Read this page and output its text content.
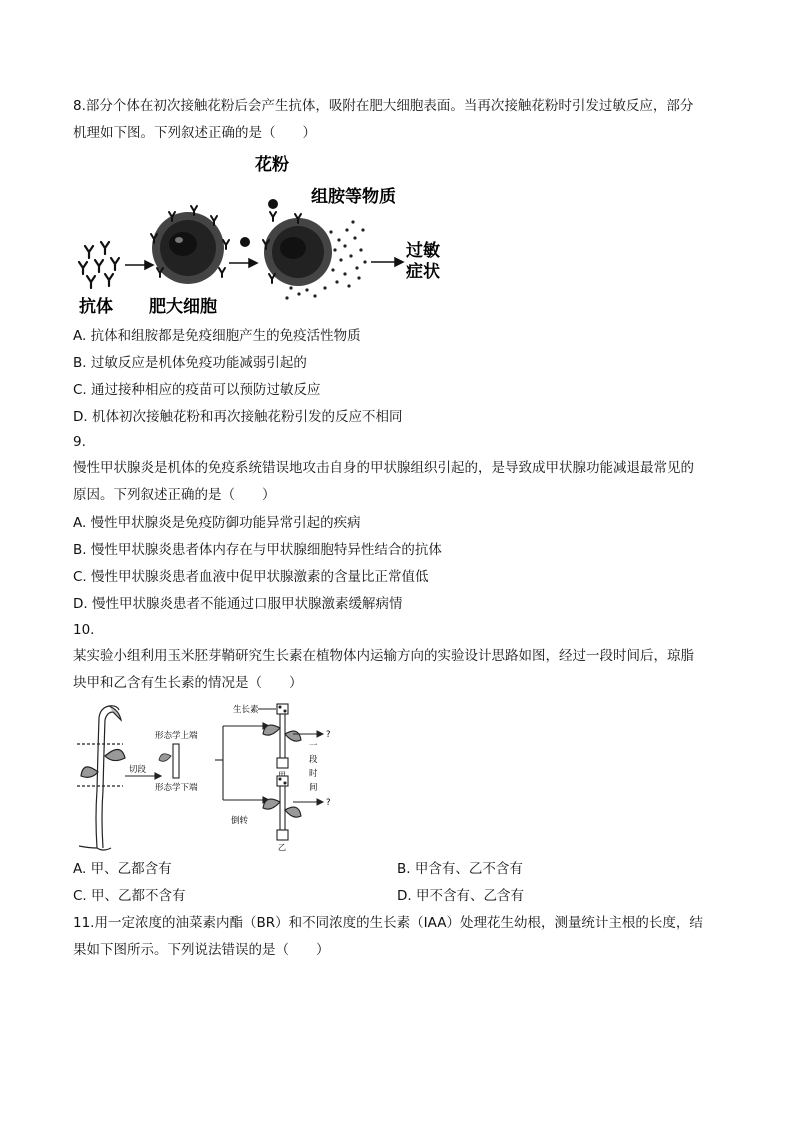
8.部分个体在初次接触花粉后会产生抗体，吸附在肥大细胞表面。当再次接触花粉时引发过敏反应，部分
机理如下图。下列叙述正确的是（　　）
花粉
组胺等物质
抗体 肥大细胞
过敏
症状
A. 抗体和组胺都是免疫细胞产生的免疫活性物质
B. 过敏反应是机体免疫功能减弱引起的
C. 通过接种相应的疫苗可以预防过敏反应
D. 机体初次接触花粉和再次接触花粉引发的反应不相同
9.
慢性甲状腺炎是机体的免疫系统错误地攻击自身的甲状腺组织引起的，是导致成甲状腺功能减退最常见的
原因。下列叙述正确的是（　　）
A. 慢性甲状腺炎是免疫防御功能异常引起的疾病
B. 慢性甲状腺炎患者体内存在与甲状腺细胞特异性结合的抗体
C. 慢性甲状腺炎患者血液中促甲状腺激素的含量比正常值低
D. 慢性甲状腺炎患者不能通过口服甲状腺激素缓解病情
10.
某实验小组利用玉米胚芽鞘研究生长素在植物体内运输方向的实验设计思路如图，经过一段时间后，琼脂
块甲和乙含有生长素的情况是（　　）
切段
形态学上端
形态学下端
倒转
生长素
?
?
一
段
时
间
乙
A. 甲、乙都含有	B. 甲含有、乙不含有
C. 甲、乙都不含有	D. 甲不含有、乙含有
11.用一定浓度的油菜素内酯（BR）和不同浓度的生长素（IAA）处理花生幼根，测量统计主根的长度，结
果如下图所示。下列说法错误的是（　　）
